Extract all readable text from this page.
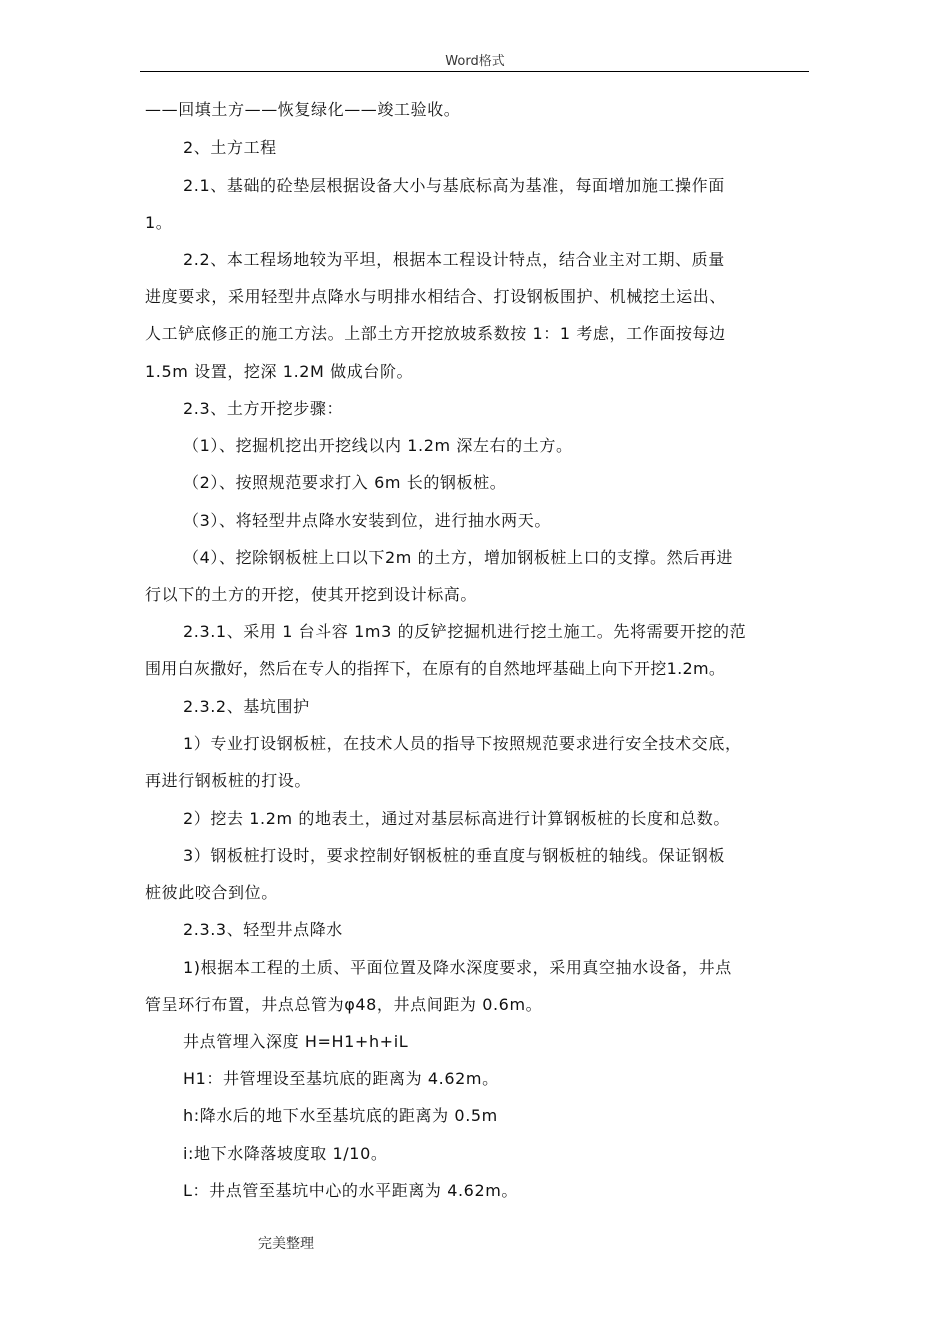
Word格式
——回填土方——恢复绿化——竣工验收。
2、土方工程
2.1、基础的砼垫层根据设备大小与基底标高为基准，每面增加施工操作面
1。
2.2、本工程场地较为平坦，根据本工程设计特点，结合业主对工期、质量
进度要求，采用轻型井点降水与明排水相结合、打设钢板围护、机械挖土运出、
人工铲底修正的施工方法。上部土方开挖放坡系数按 1：1 考虑，工作面按每边
1.5m 设置，挖深 1.2M 做成台阶。
2.3、土方开挖步骤：
（1）、挖掘机挖出开挖线以内 1.2m 深左右的土方。
（2）、按照规范要求打入 6m 长的钢板桩。
（3）、将轻型井点降水安装到位，进行抽水两天。
（4）、挖除钢板桩上口以下2m 的土方，增加钢板桩上口的支撑。然后再进
行以下的土方的开挖，使其开挖到设计标高。
2.3.1、采用 1 台斗容 1m3 的反铲挖掘机进行挖土施工。先将需要开挖的范
围用白灰撒好，然后在专人的指挥下，在原有的自然地坪基础上向下开挖1.2m。
2.3.2、基坑围护
1）专业打设钢板桩，在技术人员的指导下按照规范要求进行安全技术交底，
再进行钢板桩的打设。
2）挖去 1.2m 的地表土，通过对基层标高进行计算钢板桩的长度和总数。
3）钢板桩打设时，要求控制好钢板桩的垂直度与钢板桩的轴线。保证钢板
桩彼此咬合到位。
2.3.3、轻型井点降水
1)根据本工程的土质、平面位置及降水深度要求，采用真空抽水设备，井点
管呈环行布置，井点总管为φ48，井点间距为 0.6m。
井点管埋入深度 H=H1+h+iL
H1：井管埋设至基坑底的距离为 4.62m。
h:降水后的地下水至基坑底的距离为 0.5m
i:地下水降落坡度取 1/10。
L：井点管至基坑中心的水平距离为 4.62m。
完美整理
